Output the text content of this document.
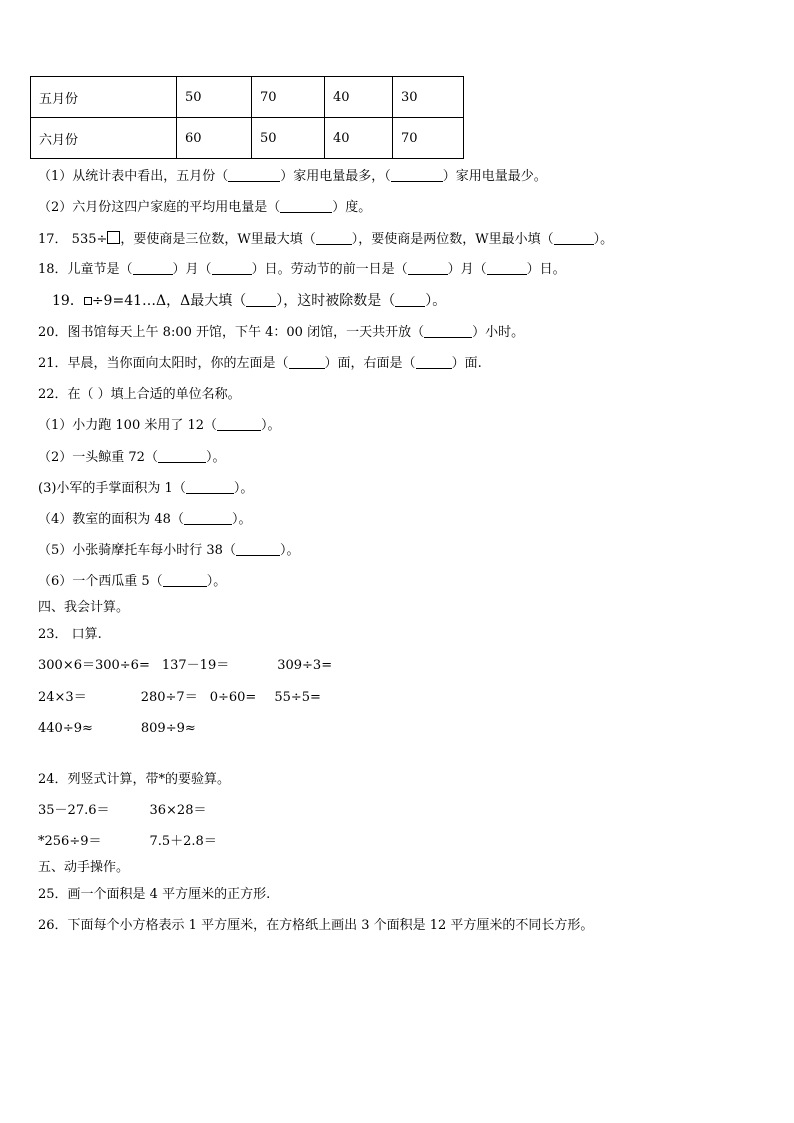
五月份	50	70	40	30
六月份	60	50	40	70
（1）从统计表中看出，五月份（	）家用电量最多，（	）家用电量最少。
（2）六月份这四户家庭的平均用电量是（	）度。
17． 535÷ ，要使商是三位数，W里最大填（	），要使商是两位数，W里最小填（	）。
18．儿童节是（	）月（	）日。劳动节的前一日是（	）月（	）日。
19． ÷9=41…Δ，Δ最大填（ ），这时被除数是（ ）。
20．图书馆每天上午 8:00 开馆，下午 4：00 闭馆，一天共开放（	）小时。
21．早晨，当你面向太阳时，你的左面是（	）面，右面是（	）面.
22．在（ ）填上合适的单位名称。
（1）小力跑 100 米用了 12（	）。
（2）一头鲸重 72（	）。
(3)小军的手掌面积为 1（	）。
（4）教室的面积为 48（	）。
（5）小张骑摩托车每小时行 38（	）。
（6）一个西瓜重 5（	）。
四、我会计算。
23． 口算.
300×6＝300÷6= 137－19＝	309÷3=
24×3＝	280÷7＝ 0÷60= 55÷5=
440÷9≈	809÷9≈
24．列竖式计算，带*的要验算。
35－27.6＝	36×28＝
*256÷9＝	7.5＋2.8＝
五、动手操作。
25．画一个面积是 4 平方厘米的正方形.
26．下面每个小方格表示 1 平方厘米，在方格纸上画出 3 个面积是 12 平方厘米的不同长方形。
